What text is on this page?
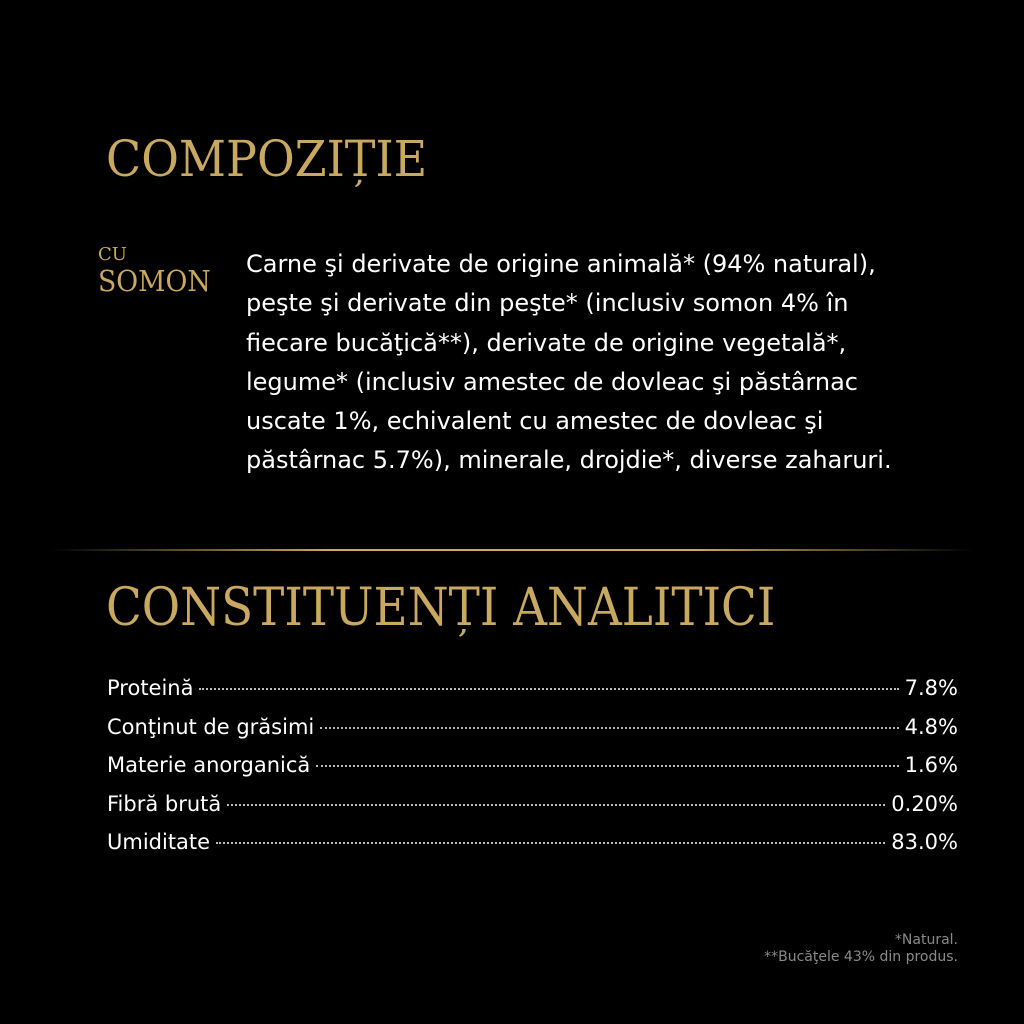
COMPOZIȚIE
CU
SOMON Carne şi derivate de origine animală* (94% natural),
peşte şi derivate din peşte* (inclusiv somon 4% în
fiecare bucăţică**), derivate de origine vegetală*,
legume* (inclusiv amestec de dovleac şi păstârnac
uscate 1%, echivalent cu amestec de dovleac şi
păstârnac 5.7%), minerale, drojdie*, diverse zaharuri.
CONSTITUENȚI ANALITICI
Proteină	7.8%
Conţinut de grăsimi	4.8%
Materie anorganică	1.6%
Fibră brută	0.20%
Umiditate	83.0%
*Natural.
**Bucăţele 43% din produs.
